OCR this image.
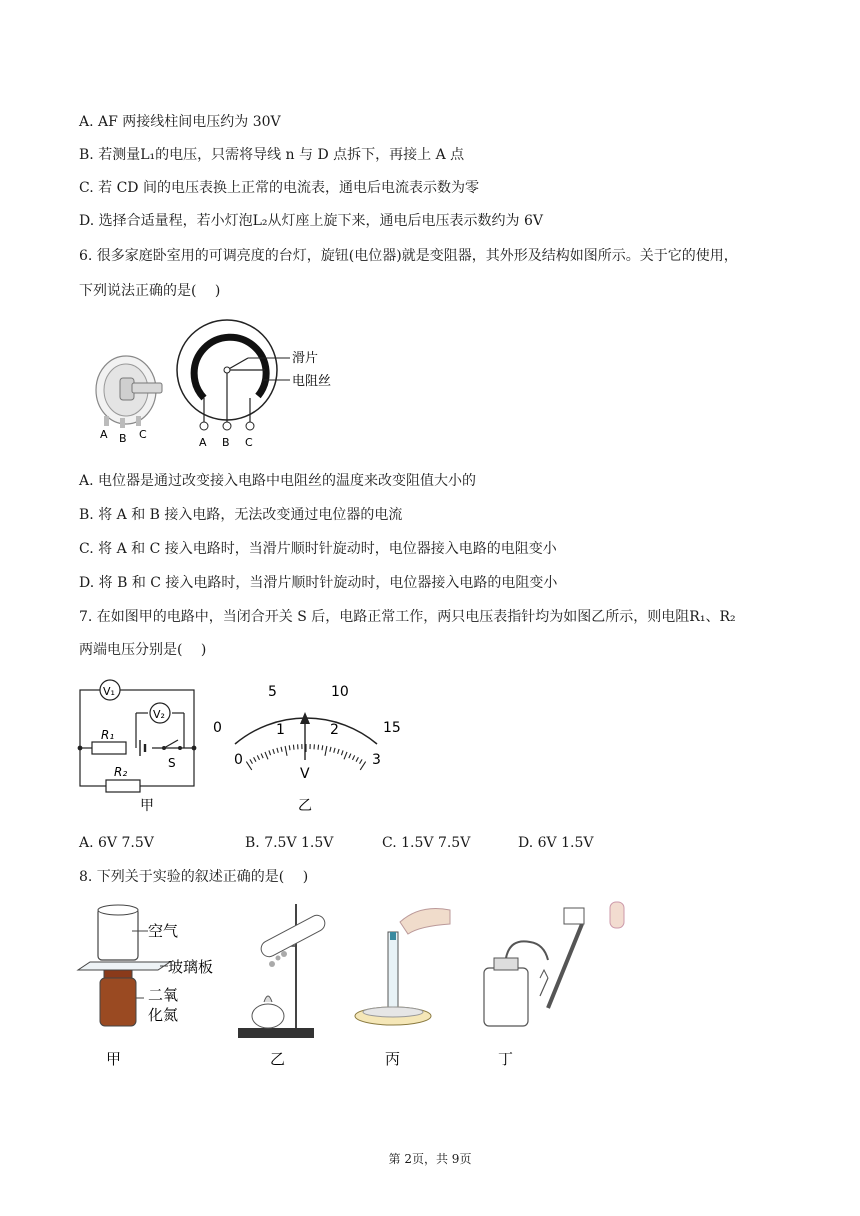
A. AF 两接线柱间电压约为 30V
B. 若测量L₁的电压，只需将导线 n 与 D 点拆下，再接上 A 点
C. 若 CD 间的电压表换上正常的电流表，通电后电流表示数为零
D. 选择合适量程，若小灯泡L₂从灯座上旋下来，通电后电压表示数约为 6V
6. 很多家庭卧室用的可调亮度的台灯，旋钮(电位器)就是变阻器，其外形及结构如图所示。关于它的使用，
下列说法正确的是(　 )
A B C
滑片
电阻丝
A B C
A. 电位器是通过改变接入电路中电阻丝的温度来改变阻值大小的
B. 将 A 和 B 接入电路，无法改变通过电位器的电流
C. 将 A 和 C 接入电路时，当滑片顺时针旋动时，电位器接入电路的电阻变小
D. 将 B 和 C 接入电路时，当滑片顺时针旋动时，电位器接入电路的电阻变小
7. 在如图甲的电路中，当闭合开关 S 后，电路正常工作，两只电压表指针均为如图乙所示，则电阻R₁、R₂
两端电压分别是(　 )
V₁
V₂
R₁
S
R₂
甲
0
5	10
15
0
1	2
3
V
乙
A. 6V 7.5V	B. 7.5V 1.5V	C. 1.5V 7.5V	D. 6V 1.5V
8. 下列关于实验的叙述正确的是(　 )
空气
玻璃板
二氧
化氮
甲	乙	丙	丁
第 2页，共 9页
